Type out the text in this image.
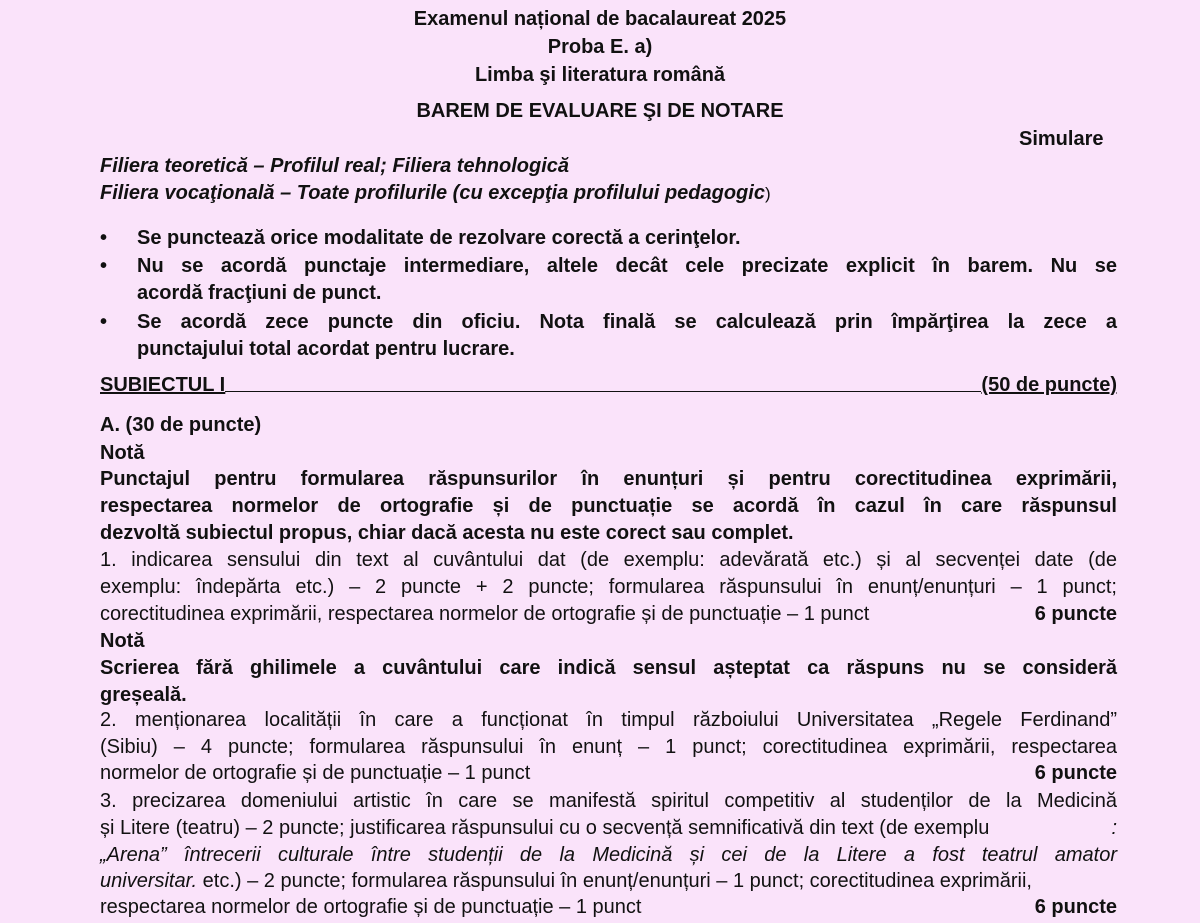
Examenul național de bacalaureat 2025
Proba E. a)
Limba şi literatura română
BAREM DE EVALUARE ŞI DE NOTARE
Simulare
Filiera teoretică – Profilul real; Filiera tehnologică
Filiera vocaţională – Toate profilurile (cu excepţia profilului pedagogic)
• Se punctează orice modalitate de rezolvare corectă a cerinţelor.
• Nu se acordă punctaje intermediare, altele decât cele precizate explicit în barem. Nu se
acordă fracţiuni de punct.
• Se acordă zece puncte din oficiu. Nota finală se calculează prin împărţirea la zece a
punctajului total acordat pentru lucrare.
SUBIECTUL I	(50 de puncte)
A. (30 de puncte)
Notă
Punctajul pentru formularea răspunsurilor în enunțuri și pentru corectitudinea exprimării,
respectarea normelor de ortografie și de punctuație se acordă în cazul în care răspunsul
dezvoltă subiectul propus, chiar dacă acesta nu este corect sau complet.
1. indicarea sensului din text al cuvântului dat (de exemplu: adevărată etc.) și al secvenței date (de
exemplu: îndepărta etc.) – 2 puncte + 2 puncte; formularea răspunsului în enunț/enunțuri – 1 punct;
corectitudinea exprimării, respectarea normelor de ortografie și de punctuație – 1 punct	6 puncte
Notă
Scrierea fără ghilimele a cuvântului care indică sensul așteptat ca răspuns nu se consideră
greșeală.
2. menționarea localității în care a funcționat în timpul războiului Universitatea „Regele Ferdinand”
(Sibiu) – 4 puncte; formularea răspunsului în enunț – 1 punct; corectitudinea exprimării, respectarea
normelor de ortografie și de punctuație – 1 punct	6 puncte
3. precizarea domeniului artistic în care se manifestă spiritul competitiv al studenților de la Medicină
și Litere (teatru) – 2 puncte; justificarea răspunsului cu o secvență semnificativă din text (de exemplu	:
„Arena” întrecerii culturale între studenții de la Medicină și cei de la Litere a fost teatrul amator
universitar. etc.) – 2 puncte; formularea răspunsului în enunț/enunțuri – 1 punct; corectitudinea exprimării,
respectarea normelor de ortografie și de punctuație – 1 punct	6 puncte
